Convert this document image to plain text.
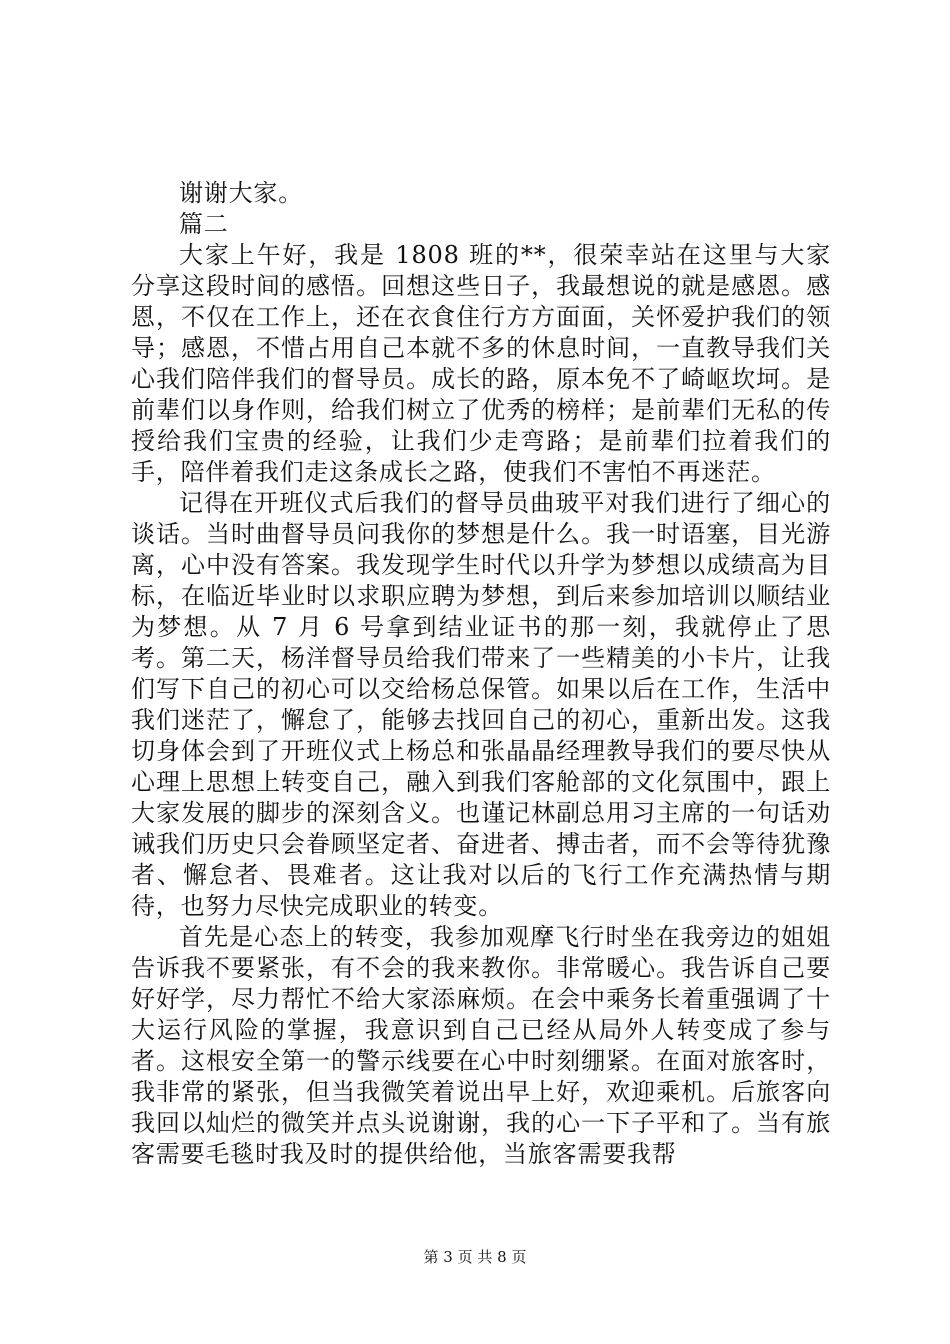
谢谢大家。

篇二

大家上午好，我是 1808 班的**，很荣幸站在这里与大家分享这段时间的感悟。回想这些日子，我最想说的就是感恩。感恩，不仅在工作上，还在衣食住行方方面面，关怀爱护我们的领导；感恩，不惜占用自己本就不多的休息时间，一直教导我们关心我们陪伴我们的督导员。成长的路，原本免不了崎岖坎坷。是前辈们以身作则，给我们树立了优秀的榜样；是前辈们无私的传授给我们宝贵的经验，让我们少走弯路；是前辈们拉着我们的手，陪伴着我们走这条成长之路，使我们不害怕不再迷茫。

记得在开班仪式后我们的督导员曲玻平对我们进行了细心的谈话。当时曲督导员问我你的梦想是什么。我一时语塞，目光游离，心中没有答案。我发现学生时代以升学为梦想以成绩高为目标，在临近毕业时以求职应聘为梦想，到后来参加培训以顺结业为梦想。从 7 月 6 号拿到结业证书的那一刻，我就停止了思考。第二天，杨洋督导员给我们带来了一些精美的小卡片，让我们写下自己的初心可以交给杨总保管。如果以后在工作，生活中我们迷茫了，懈怠了，能够去找回自己的初心，重新出发。这我切身体会到了开班仪式上杨总和张晶晶经理教导我们的要尽快从心理上思想上转变自己，融入到我们客舱部的文化氛围中，跟上大家发展的脚步的深刻含义。也谨记林副总用习主席的一句话劝诫我们历史只会眷顾坚定者、奋进者、搏击者，而不会等待犹豫者、懈怠者、畏难者。这让我对以后的飞行工作充满热情与期待，也努力尽快完成职业的转变。

首先是心态上的转变，我参加观摩飞行时坐在我旁边的姐姐告诉我不要紧张，有不会的我来教你。非常暖心。我告诉自己要好好学，尽力帮忙不给大家添麻烦。在会中乘务长着重强调了十大运行风险的掌握，我意识到自己已经从局外人转变成了参与者。这根安全第一的警示线要在心中时刻绷紧。在面对旅客时，我非常的紧张，但当我微笑着说出早上好，欢迎乘机。后旅客向我回以灿烂的微笑并点头说谢谢，我的心一下子平和了。当有旅客需要毛毯时我及时的提供给他，当旅客需要我帮

第 3 页 共 8 页
